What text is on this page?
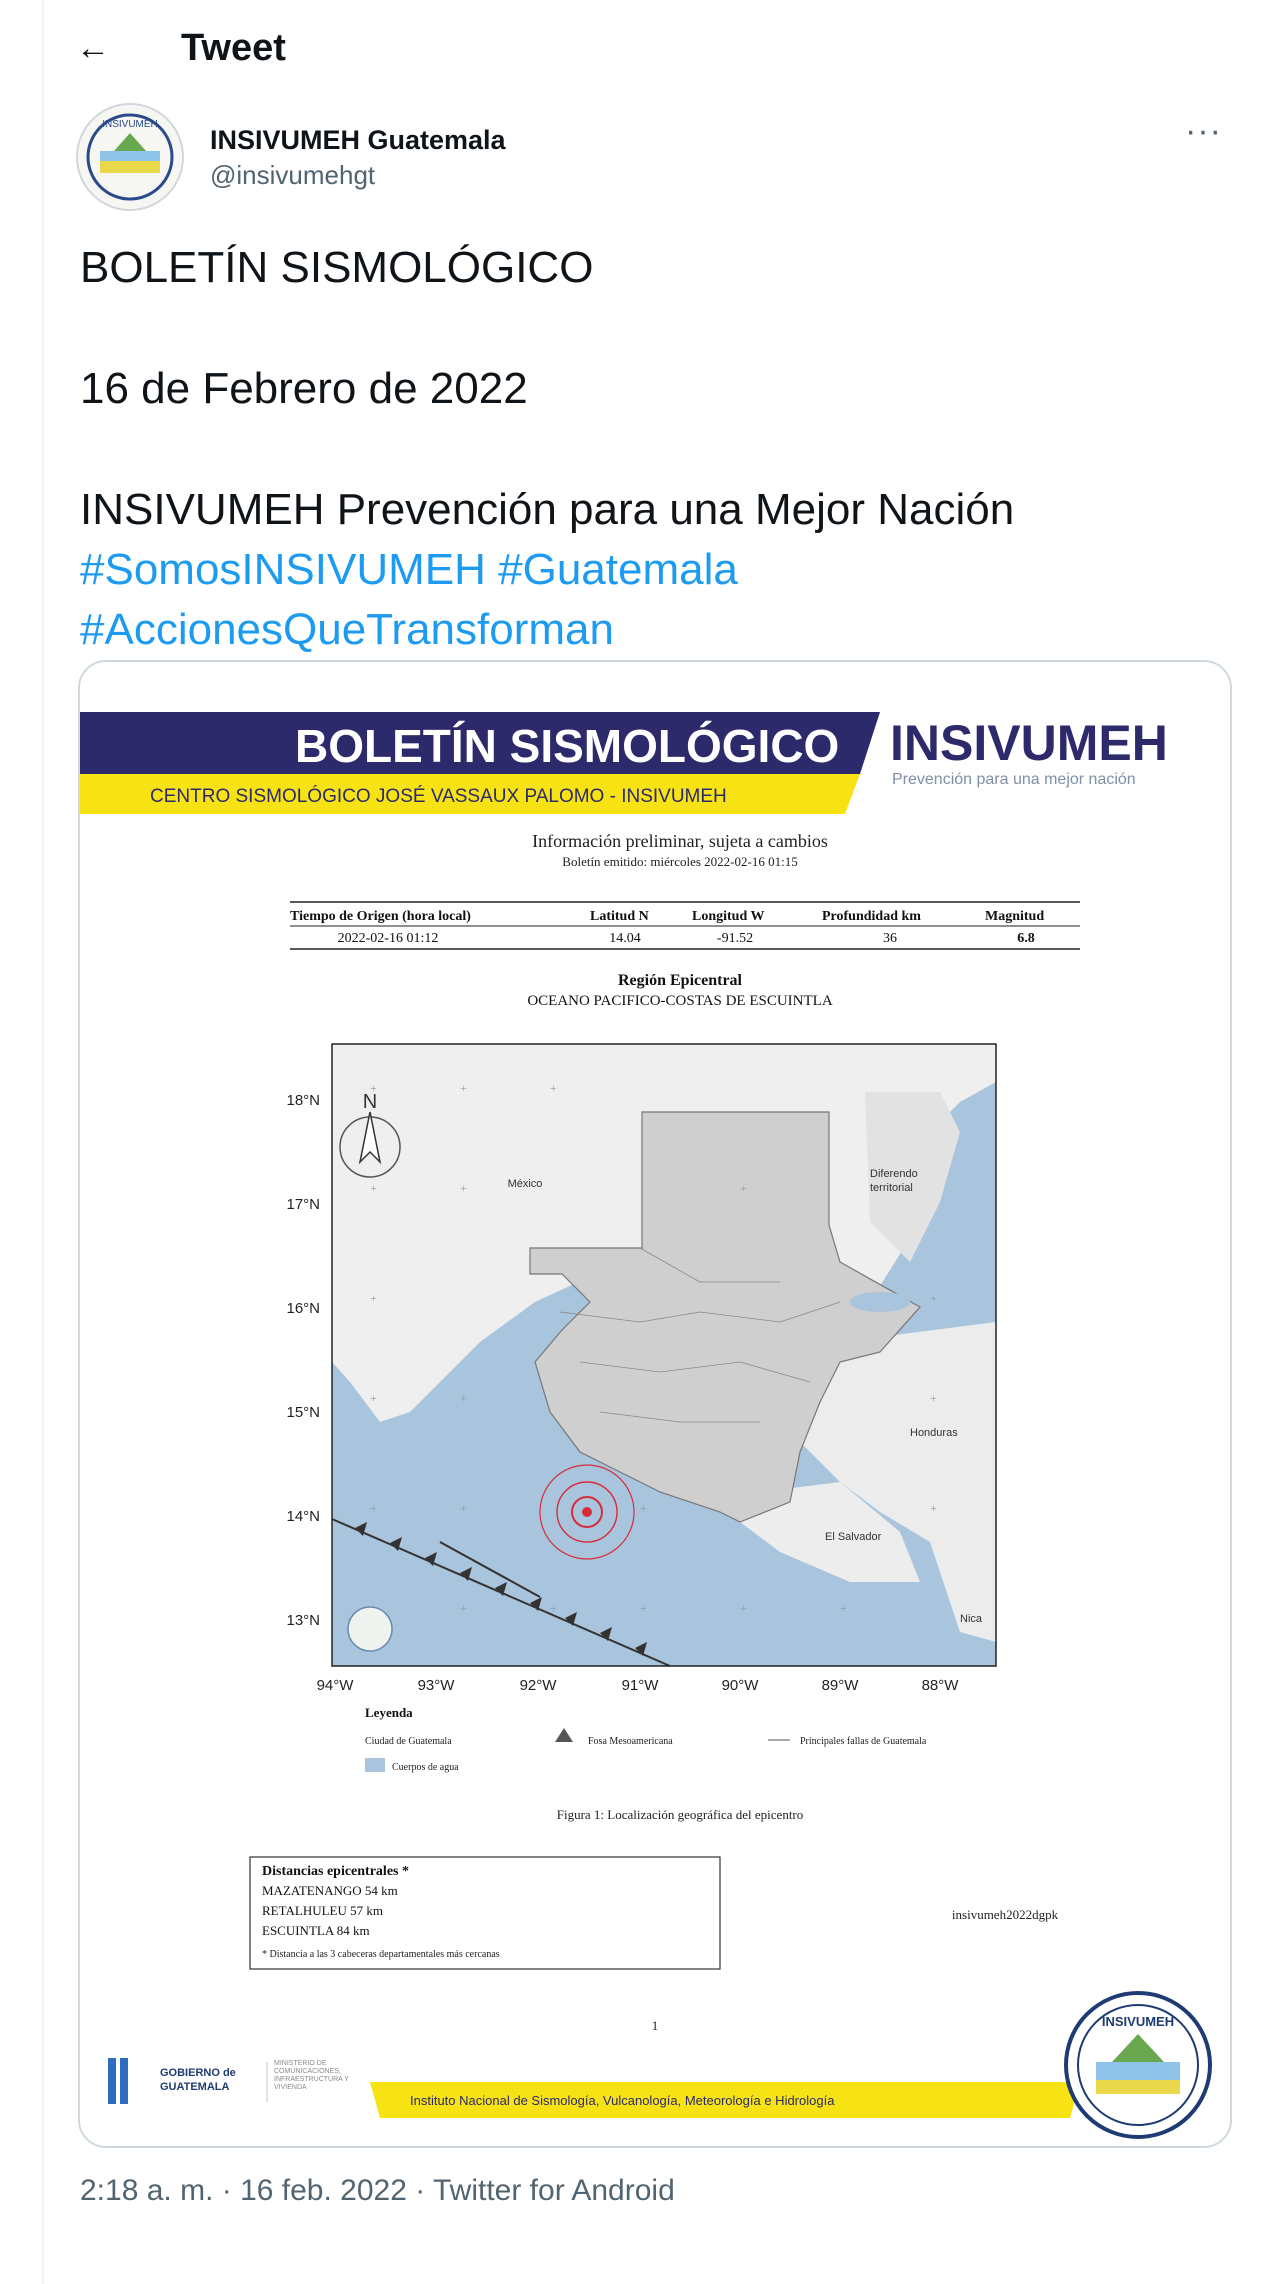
←	Tweet
INSIVUMEH
INSIVUMEH Guatemala
@insivumehgt
···

BOLETÍN SISMOLÓGICO

16 de Febrero de 2022

INSIVUMEH Prevención para una Mejor Nación

#SomosINSIVUMEH #Guatemala

#AccionesQueTransforman

BOLETÍN SISMOLÓGICO
CENTRO SISMOLÓGICO JOSÉ VASSAUX PALOMO - INSIVUMEH
INSIVUMEH
Prevención para una mejor nación
Información preliminar, sujeta a cambios
Boletín emitido: miércoles 2022-02-16 01:15
Tiempo de Origen (hora local)	Latitud N	Longitud W	Profundidad km	Magnitud
2022-02-16 01:12	14.04	-91.52	36	6.8
Región Epicentral
OCEANO PACIFICO-COSTAS DE ESCUINTLA
+	+	+
+	+	+
+	+
+	+	+
+	+	+	+
+	+	+	+	+
N
México
Diferendo
territorial
Honduras
El Salvador
Nica
18°N
17°N
16°N
15°N
14°N
13°N
94°W	93°W	92°W	91°W	90°W	89°W	88°W
Leyenda
Ciudad de Guatemala	Fosa Mesoamericana	Principales fallas de Guatemala
Cuerpos de agua
Figura 1: Localización geográfica del epicentro
Distancias epicentrales *
MAZATENANGO 54 km
RETALHULEU 57 km
ESCUINTLA 84 km
* Distancia a las 3 cabeceras departamentales más cercanas
insivumeh2022dgpk
1
GOBIERNO de
GUATEMALA
MINISTERIO DE COMUNICACIONES, INFRAESTRUCTURA Y VIVIENDA
Instituto Nacional de Sismología, Vulcanología, Meteorología e Hidrología
INSIVUMEH
2:18 a. m. · 16 feb. 2022 · Twitter for Android
